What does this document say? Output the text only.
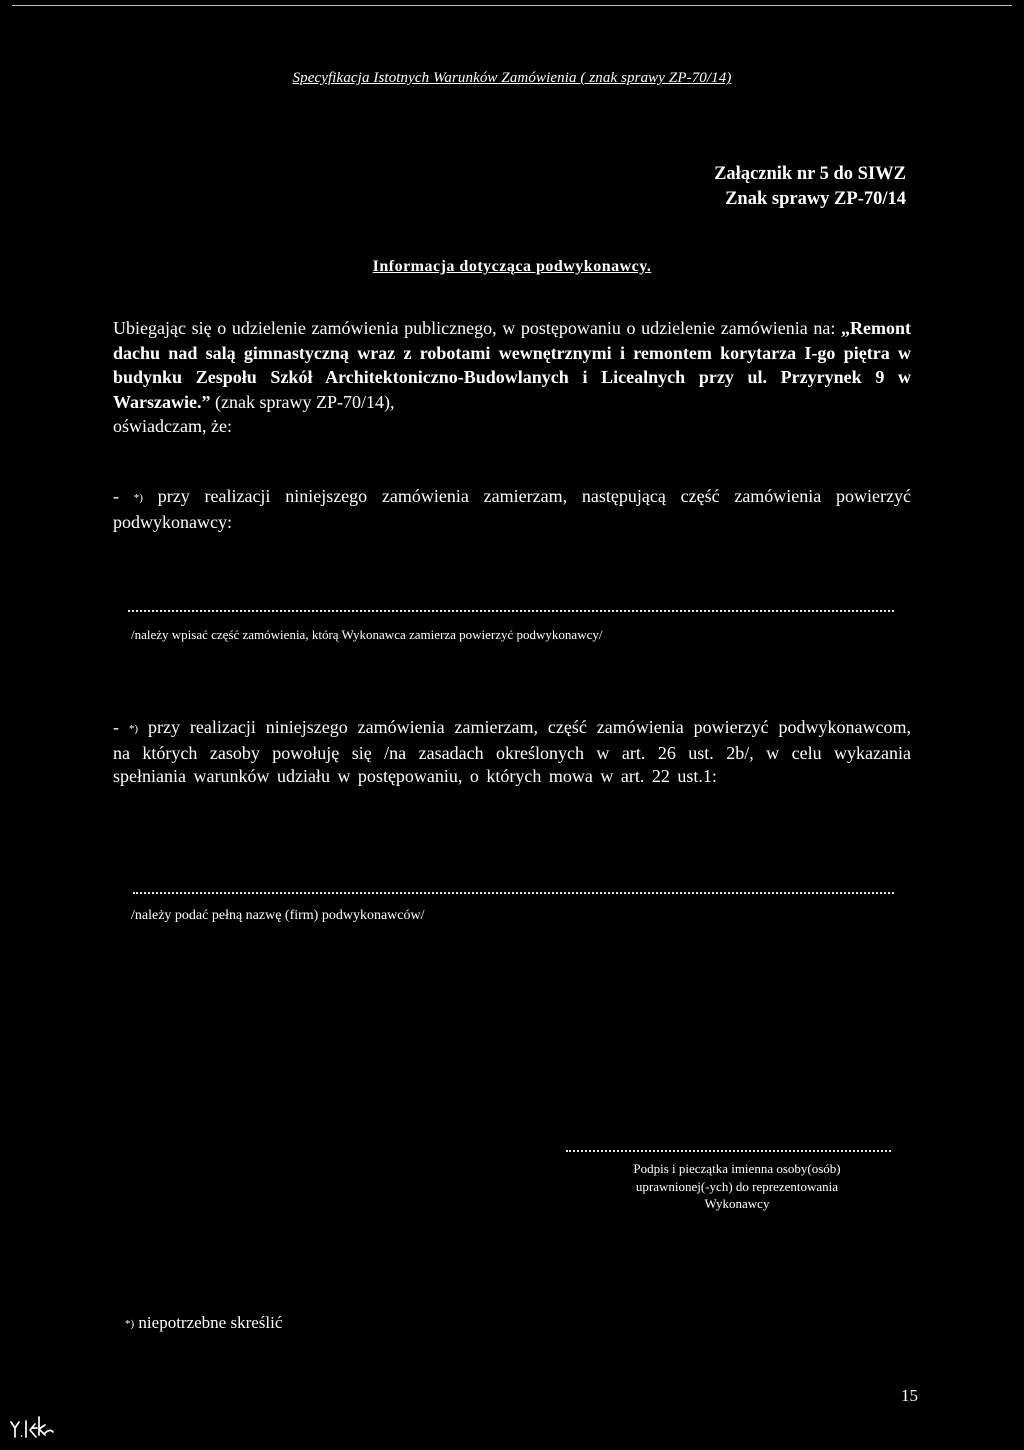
Specyfikacja Istotnych Warunków Zamówienia ( znak sprawy ZP-70/14)
Załącznik nr 5 do SIWZ
Znak sprawy ZP-70/14
Informacja dotycząca podwykonawcy.
Ubiegając się o udzielenie zamówienia publicznego, w postępowaniu o udzielenie zamówienia na: „Remont dachu nad salą gimnastyczną wraz z robotami wewnętrznymi i remontem korytarza I-go piętra w budynku Zespołu Szkół Architektoniczno-Budowlanych i Licealnych przy ul. Przyrynek 9 w Warszawie.” (znak sprawy ZP-70/14),
oświadczam, że:
- *) przy realizacji niniejszego zamówienia zamierzam, następującą część zamówienia powierzyć podwykonawcy:
/należy wpisać część zamówienia, którą Wykonawca zamierza powierzyć podwykonawcy/
- *) przy realizacji niniejszego zamówienia zamierzam, część zamówienia powierzyć podwykonawcom, na których zasoby powołuję się /na zasadach określonych w art. 26 ust. 2b/, w celu wykazania spełniania warunków udziału w postępowaniu, o których mowa w art. 22 ust.1:
/należy podać pełną nazwę (firm) podwykonawców/
Podpis i pieczątka imienna osoby(osób)
uprawnionej(-ych) do reprezentowania
Wykonawcy
*) niepotrzebne skreślić
15
